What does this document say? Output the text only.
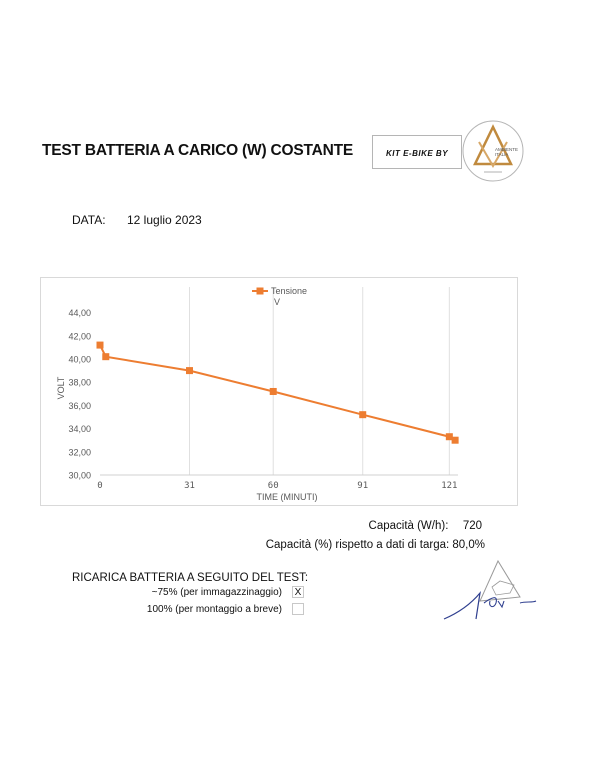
TEST BATTERIA A CARICO (W) COSTANTE	KIT E-BIKE BY	AMBIENTE
ITALIA
DATA: 12 luglio 2023
30,00
32,00
34,00
36,00
38,00
40,00
42,00
44,00
0	31	60	91	121
TIME (MINUTI)
VOLT
Tensione
V
Capacità (W/h): 720
Capacità (%) rispetto a dati di targa: 80,0%
RICARICA BATTERIA A SEGUITO DEL TEST:
~75% (per immagazzinaggio) X
100% (per montaggio a breve)
